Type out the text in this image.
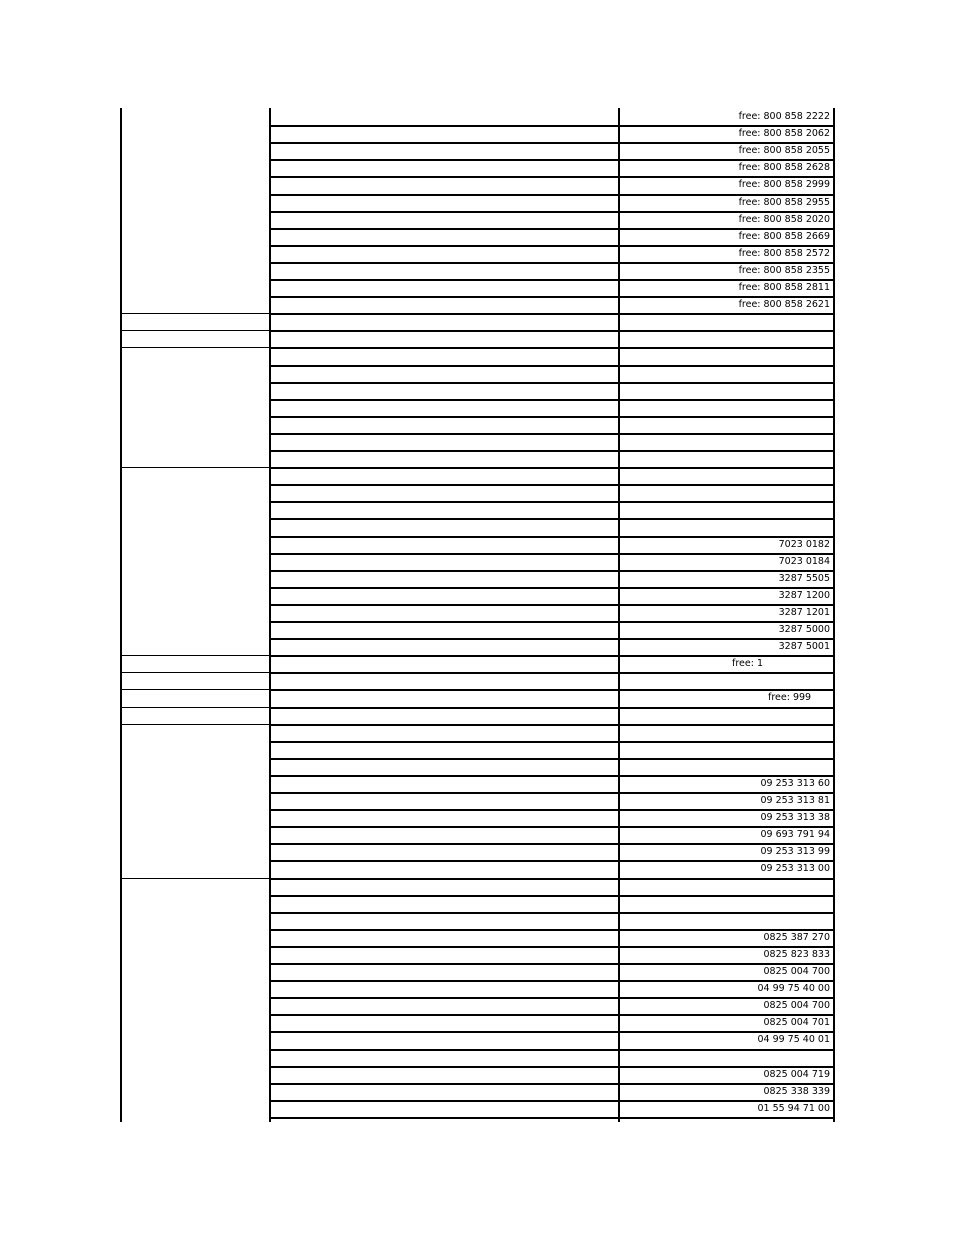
free: 800 858 2222
free: 800 858 2062
free: 800 858 2055
free: 800 858 2628
free: 800 858 2999
free: 800 858 2955
free: 800 858 2020
free: 800 858 2669
free: 800 858 2572
free: 800 858 2355
free: 800 858 2811
free: 800 858 2621
7023 0182
7023 0184
3287 5505
3287 1200
3287 1201
3287 5000
3287 5001
free: 1
free: 999
09 253 313 60
09 253 313 81
09 253 313 38
09 693 791 94
09 253 313 99
09 253 313 00
0825 387 270
0825 823 833
0825 004 700
04 99 75 40 00
0825 004 700
0825 004 701
04 99 75 40 01
0825 004 719
0825 338 339
01 55 94 71 00
